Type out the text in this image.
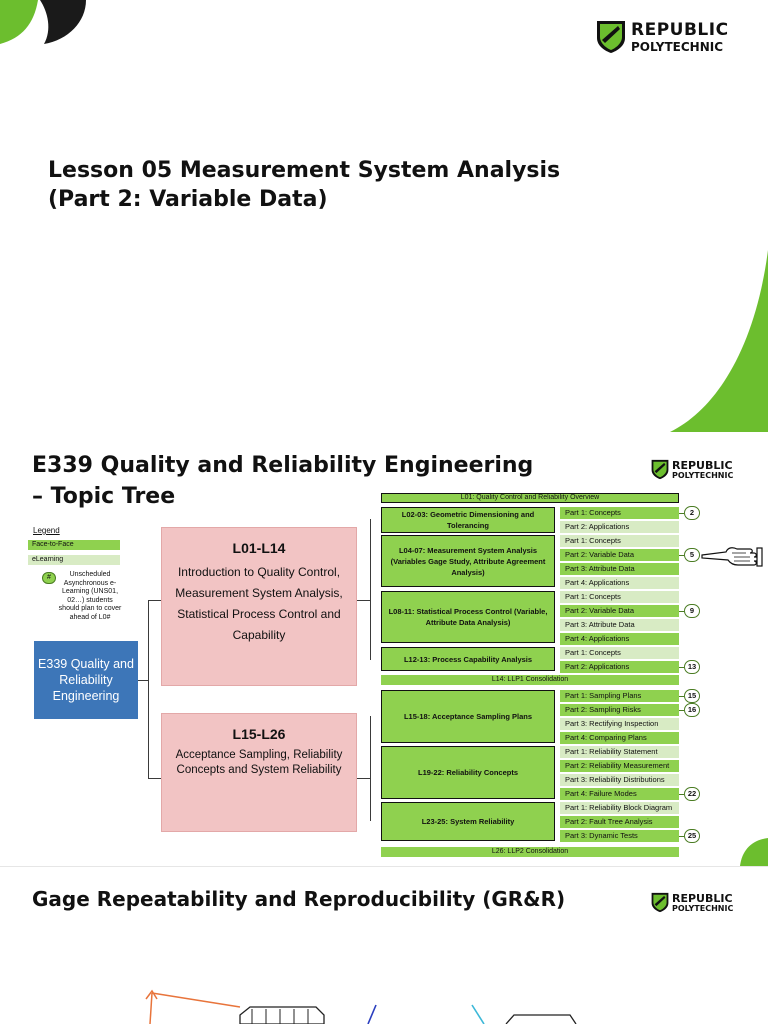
REPUBLIC
POLYTECHNIC
Lesson 05 Measurement System Analysis
(Part 2: Variable Data)
E339 Quality and Reliability Engineering
– Topic Tree
REPUBLIC
POLYTECHNIC
Legend
Face-to-Face
eLearning
#	Unscheduled Asynchronous e-Learning (UNS01, 02…) students should plan to cover ahead of L0#
E339 Quality and Reliability Engineering
L01-L14
Introduction to Quality Control, Measurement System Analysis, Statistical Process Control and Capability
L15-L26
Acceptance Sampling, Reliability Concepts and System Reliability
L01: Quality Control and Reliability Overview
L14: LLP1 Consolidation
L26: LLP2 Consolidation
L02-03: Geometric Dimensioning and Tolerancing
L04-07: Measurement System Analysis (Variables Gage Study, Attribute Agreement Analysis)
L08-11: Statistical Process Control (Variable, Attribute Data Analysis)
L12-13: Process Capability Analysis
L15-18: Acceptance Sampling Plans
L19-22: Reliability Concepts
L23-25: System Reliability
Part 1: Concepts
Part 2: Applications
Part 1: Concepts
Part 2: Variable Data
Part 3: Attribute Data
Part 4: Applications
Part 1: Concepts
Part 2: Variable Data
Part 3: Attribute Data
Part 4: Applications
Part 1: Concepts
Part 2: Applications
Part 1: Sampling Plans
Part 2: Sampling Risks
Part 3: Rectifying Inspection
Part 4: Comparing Plans
Part 1: Reliability Statement
Part 2: Reliability Measurement
Part 3: Reliability Distributions
Part 4: Failure Modes
Part 1: Reliability Block Diagram
Part 2: Fault Tree Analysis
Part 3: Dynamic Tests
2
5
9
13
15
16
22
25
Gage Repeatability and Reproducibility (GR&R)	REPUBLIC
POLYTECHNIC
